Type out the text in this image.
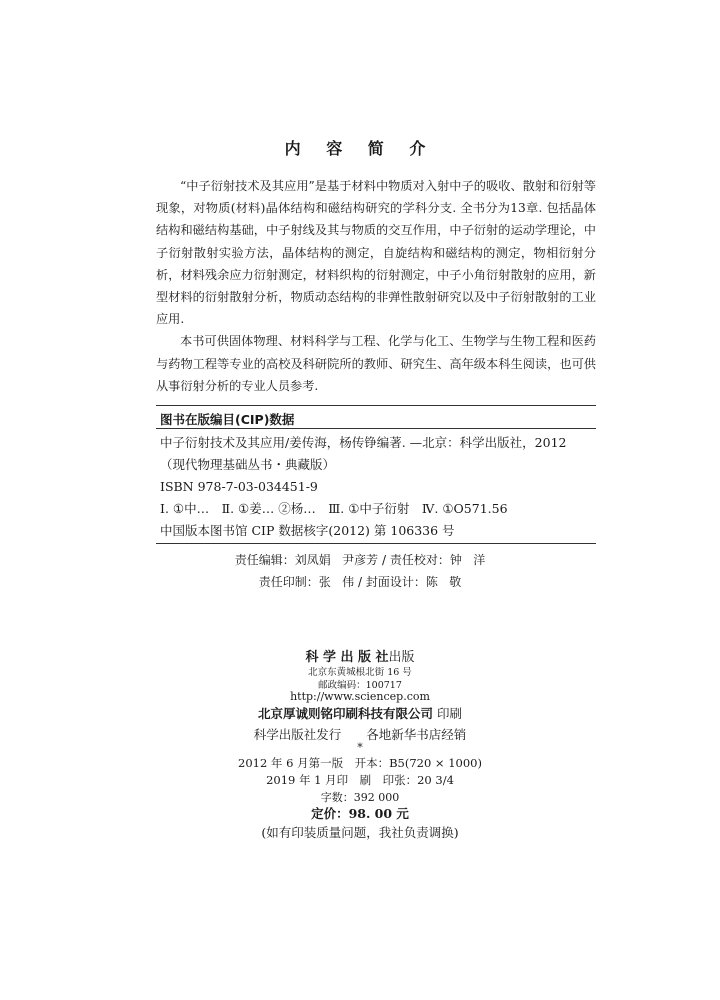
内 容 简 介

“中子衍射技术及其应用”是基于材料中物质对入射中子的吸收、散射和衍射等现象，对物质(材料)晶体结构和磁结构研究的学科分支. 全书分为13章. 包括晶体结构和磁结构基础，中子射线及其与物质的交互作用，中子衍射的运动学理论，中子衍射散射实验方法，晶体结构的测定，自旋结构和磁结构的测定，物相衍射分析，材料残余应力衍射测定，材料织构的衍射测定，中子小角衍射散射的应用，新型材料的衍射散射分析，物质动态结构的非弹性散射研究以及中子衍射散射的工业应用.

本书可供固体物理、材料科学与工程、化学与化工、生物学与生物工程和医药与药物工程等专业的高校及科研院所的教师、研究生、高年级本科生阅读，也可供从事衍射分析的专业人员参考.

图书在版编目(CIP)数据
中子衍射技术及其应用/姜传海，杨传铮编著. —北京：科学出版社，2012
（现代物理基础丛书・典藏版）
ISBN 978-7-03-034451-9
Ⅰ. ①中…　Ⅱ. ①姜… ②杨…　Ⅲ. ①中子衍射　Ⅳ. ①O571.56
中国版本图书馆 CIP 数据核字(2012) 第 106336 号
责任编辑：刘凤娟   尹彦芳 / 责任校对：钟   洋
责任印制：张   伟 / 封面设计：陈   敬
科 学 出 版 社出版
北京东黄城根北街 16 号
邮政编码：100717
http://www.sciencep.com
北京厚诚则铭印刷科技有限公司 印刷
科学出版社发行　　各地新华书店经销
*
2012 年 6 月第一版　开本：B5(720 × 1000)
2019 年 1 月印　刷　印张：20 3/4
字数：392 000
定价：98. 00 元
(如有印装质量问题，我社负责调换)
